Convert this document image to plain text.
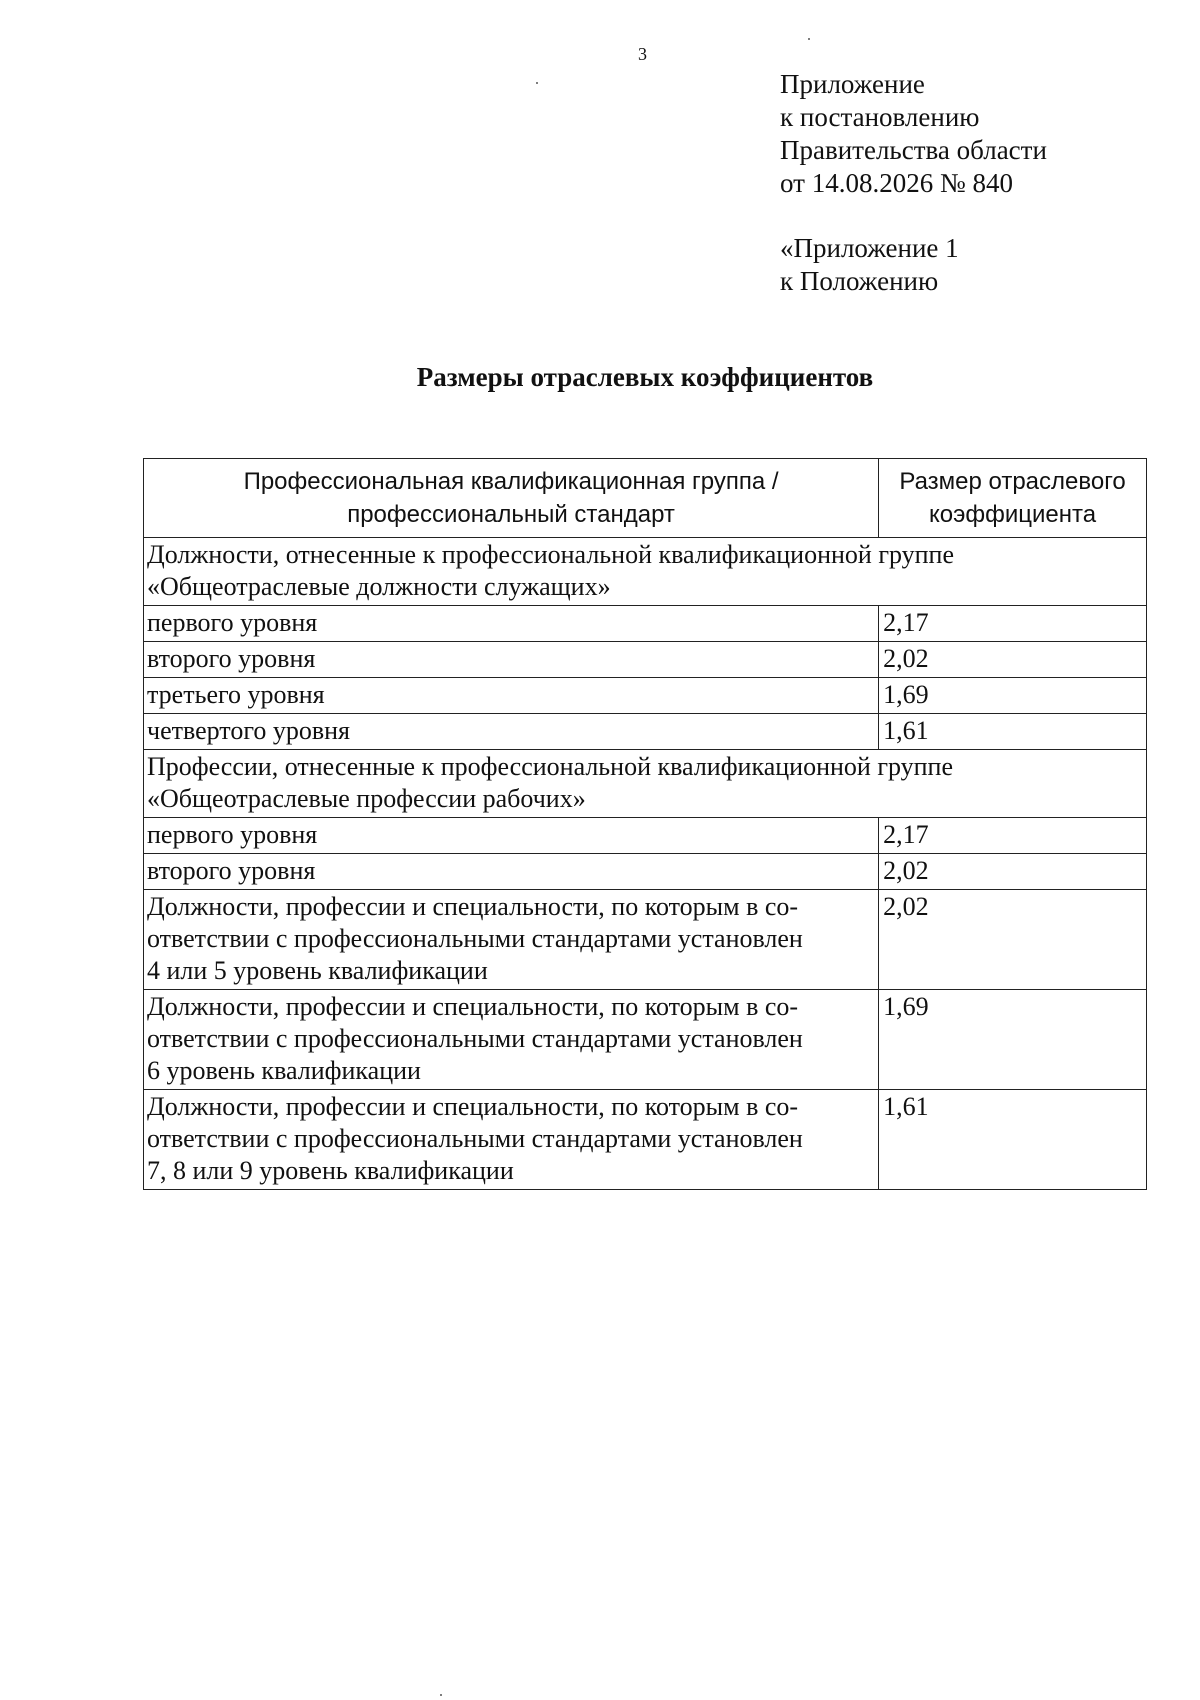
3
Приложение
к постановлению
Правительства области
от 14.08.2026 № 840
«Приложение 1
к Положению
Размеры отраслевых коэффициентов
Профессиональная квалификационная группа /
профессиональный стандарт	Размер отраслевого
коэффициента
Должности, отнесенные к профессиональной квалификационной группе
«Общеотраслевые должности служащих»	
первого уровня	2,17
второго уровня	2,02
третьего уровня	1,69
четвертого уровня	1,61
Профессии, отнесенные к профессиональной квалификационной группе
«Общеотраслевые профессии рабочих»	
первого уровня	2,17
второго уровня	2,02
Должности, профессии и специальности, по которым в со-
ответствии с профессиональными стандартами установлен
4 или 5 уровень квалификации	2,02
Должности, профессии и специальности, по которым в со-
ответствии с профессиональными стандартами установлен
6 уровень квалификации	1,69
Должности, профессии и специальности, по которым в со-
ответствии с профессиональными стандартами установлен
7, 8 или 9 уровень квалификации	1,61
